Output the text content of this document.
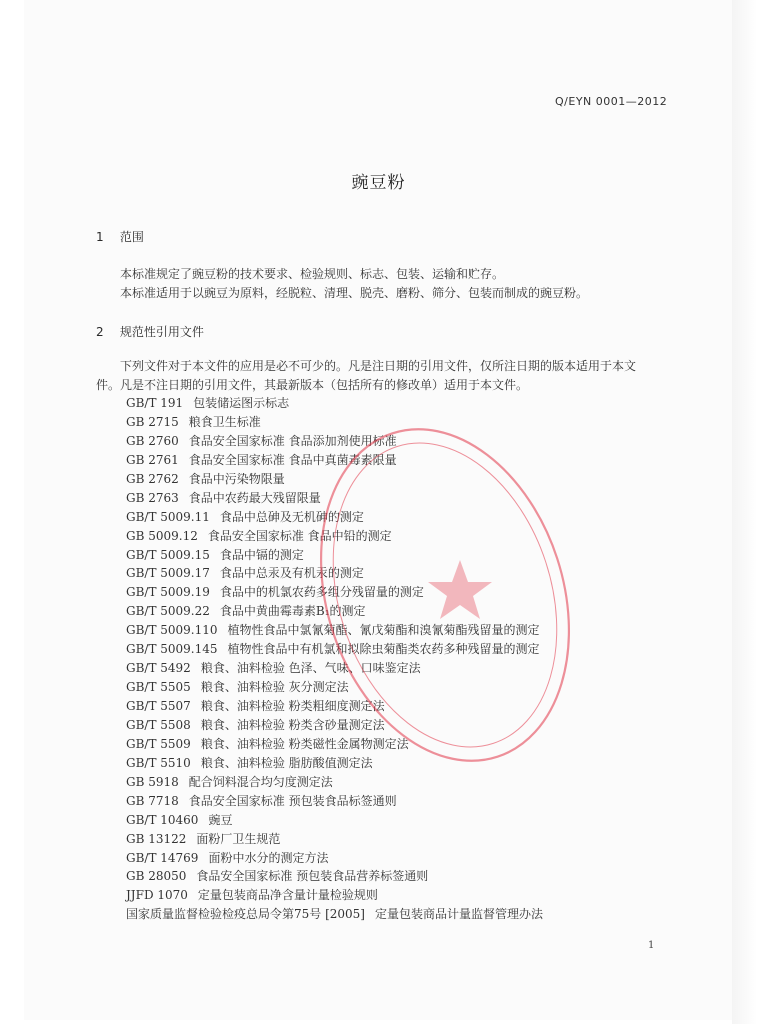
Q/EYN 0001—2012
豌豆粉
1 范围
本标准规定了豌豆粉的技术要求、检验规则、标志、包装、运输和贮存。
本标准适用于以豌豆为原料，经脱粒、清理、脱壳、磨粉、筛分、包装而制成的豌豆粉。
2 规范性引用文件
下列文件对于本文件的应用是必不可少的。凡是注日期的引用文件，仅所注日期的版本适用于本文
件。凡是不注日期的引用文件，其最新版本（包括所有的修改单）适用于本文件。
GB/T 191 包装储运图示标志
GB 2715 粮食卫生标准
GB 2760 食品安全国家标准 食品添加剂使用标准
GB 2761 食品安全国家标准 食品中真菌毒素限量
GB 2762 食品中污染物限量
GB 2763 食品中农药最大残留限量
GB/T 5009.11 食品中总砷及无机砷的测定
GB 5009.12 食品安全国家标准 食品中铅的测定
GB/T 5009.15 食品中镉的测定
GB/T 5009.17 食品中总汞及有机汞的测定
GB/T 5009.19 食品中的机氯农药多组分残留量的测定
GB/T 5009.22 食品中黄曲霉毒素B₁的测定
GB/T 5009.110 植物性食品中氯氰菊酯、氰戊菊酯和溴氰菊酯残留量的测定
GB/T 5009.145 植物性食品中有机氯和拟除虫菊酯类农药多种残留量的测定
GB/T 5492 粮食、油料检验 色泽、气味、口味鉴定法
GB/T 5505 粮食、油料检验 灰分测定法
GB/T 5507 粮食、油料检验 粉类粗细度测定法
GB/T 5508 粮食、油料检验 粉类含砂量测定法
GB/T 5509 粮食、油料检验 粉类磁性金属物测定法
GB/T 5510 粮食、油料检验 脂肪酸值测定法
GB 5918 配合饲料混合均匀度测定法
GB 7718 食品安全国家标准 预包装食品标签通则
GB/T 10460 豌豆
GB 13122 面粉厂卫生规范
GB/T 14769 面粉中水分的测定方法
GB 28050 食品安全国家标准 预包装食品营养标签通则
JJFD 1070 定量包装商品净含量计量检验规则
国家质量监督检验检疫总局令第75号 [2005] 定量包装商品计量监督管理办法
1
